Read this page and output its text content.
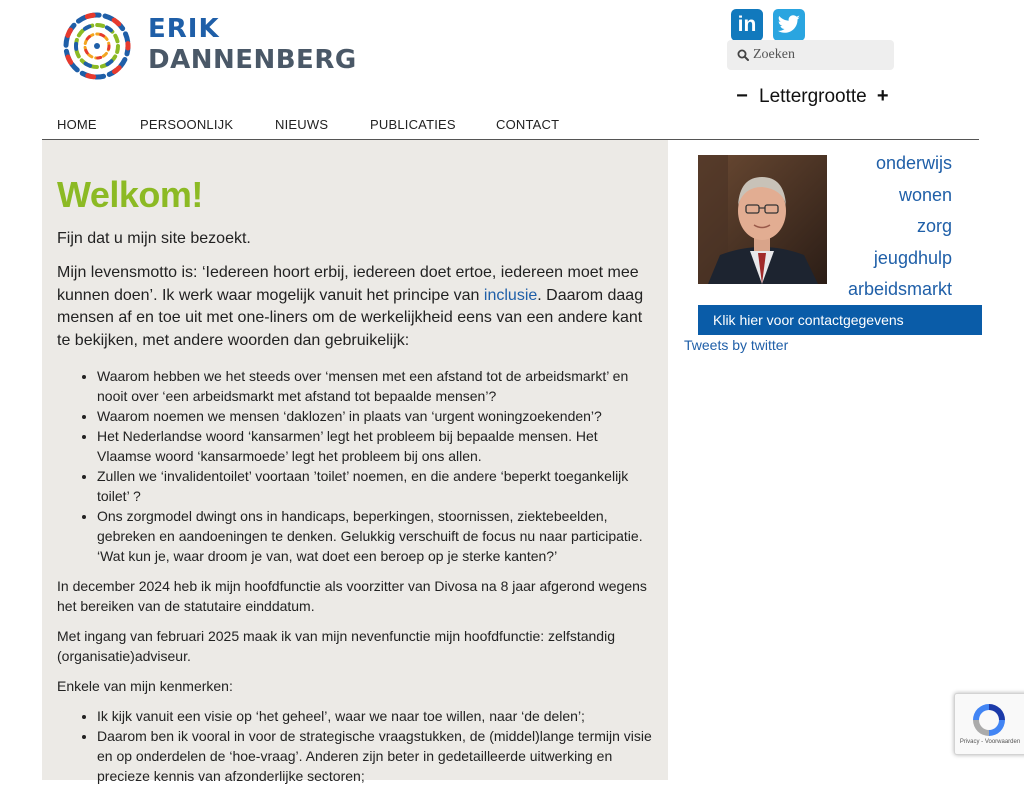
ERIK
DANNENBERG
in
Zoeken
− Lettergrootte +
HOME	PERSOONLIJK	NIEUWS	PUBLICATIES	CONTACT
Welkom!

Fijn dat u mijn site bezoekt.

Mijn levensmotto is: ‘Iedereen hoort erbij, iedereen doet ertoe, iedereen moet mee kunnen doen’. Ik werk waar mogelijk vanuit het principe van inclusie. Daarom daag mensen af en toe uit met one-liners om de werkelijkheid eens van een andere kant te bekijken, met andere woorden dan gebruikelijk:

• Waarom hebben we het steeds over ‘mensen met een afstand tot de arbeidsmarkt’ en nooit over ‘een arbeidsmarkt met afstand tot bepaalde mensen’?
• Waarom noemen we mensen ‘daklozen’ in plaats van ‘urgent woningzoekenden’?
• Het Nederlandse woord ‘kansarmen’ legt het probleem bij bepaalde mensen. Het Vlaamse woord ‘kansarmoede’ legt het probleem bij ons allen.
• Zullen we ‘invalidentoilet’ voortaan ’toilet’ noemen, en die andere ‘beperkt toegankelijk toilet’ ?
• Ons zorgmodel dwingt ons in handicaps, beperkingen, stoornissen, ziektebeelden, gebreken en aandoeningen te denken. Gelukkig verschuift de focus nu naar participatie. ‘Wat kun je, waar droom je van, wat doet een beroep op je sterke kanten?’

In december 2024 heb ik mijn hoofdfunctie als voorzitter van Divosa na 8 jaar afgerond wegens het bereiken van de statutaire einddatum.

Met ingang van februari 2025 maak ik van mijn nevenfunctie mijn hoofdfunctie: zelfstandig (organisatie)adviseur.

Enkele van mijn kenmerken:

• Ik kijk vanuit een visie op ‘het geheel’, waar we naar toe willen, naar ‘de delen’;
• Daarom ben ik vooral in voor de strategische vraagstukken, de (middel)lange termijn visie en op onderdelen de ‘hoe-vraag’. Anderen zijn beter in gedetailleerde uitwerking en precieze kennis van afzonderlijke sectoren;
onderwijs
wonen
zorg
jeugdhulp
arbeidsmarkt
Klik hier voor contactgegevens
Tweets by twitter
Privacy - Voorwaarden
